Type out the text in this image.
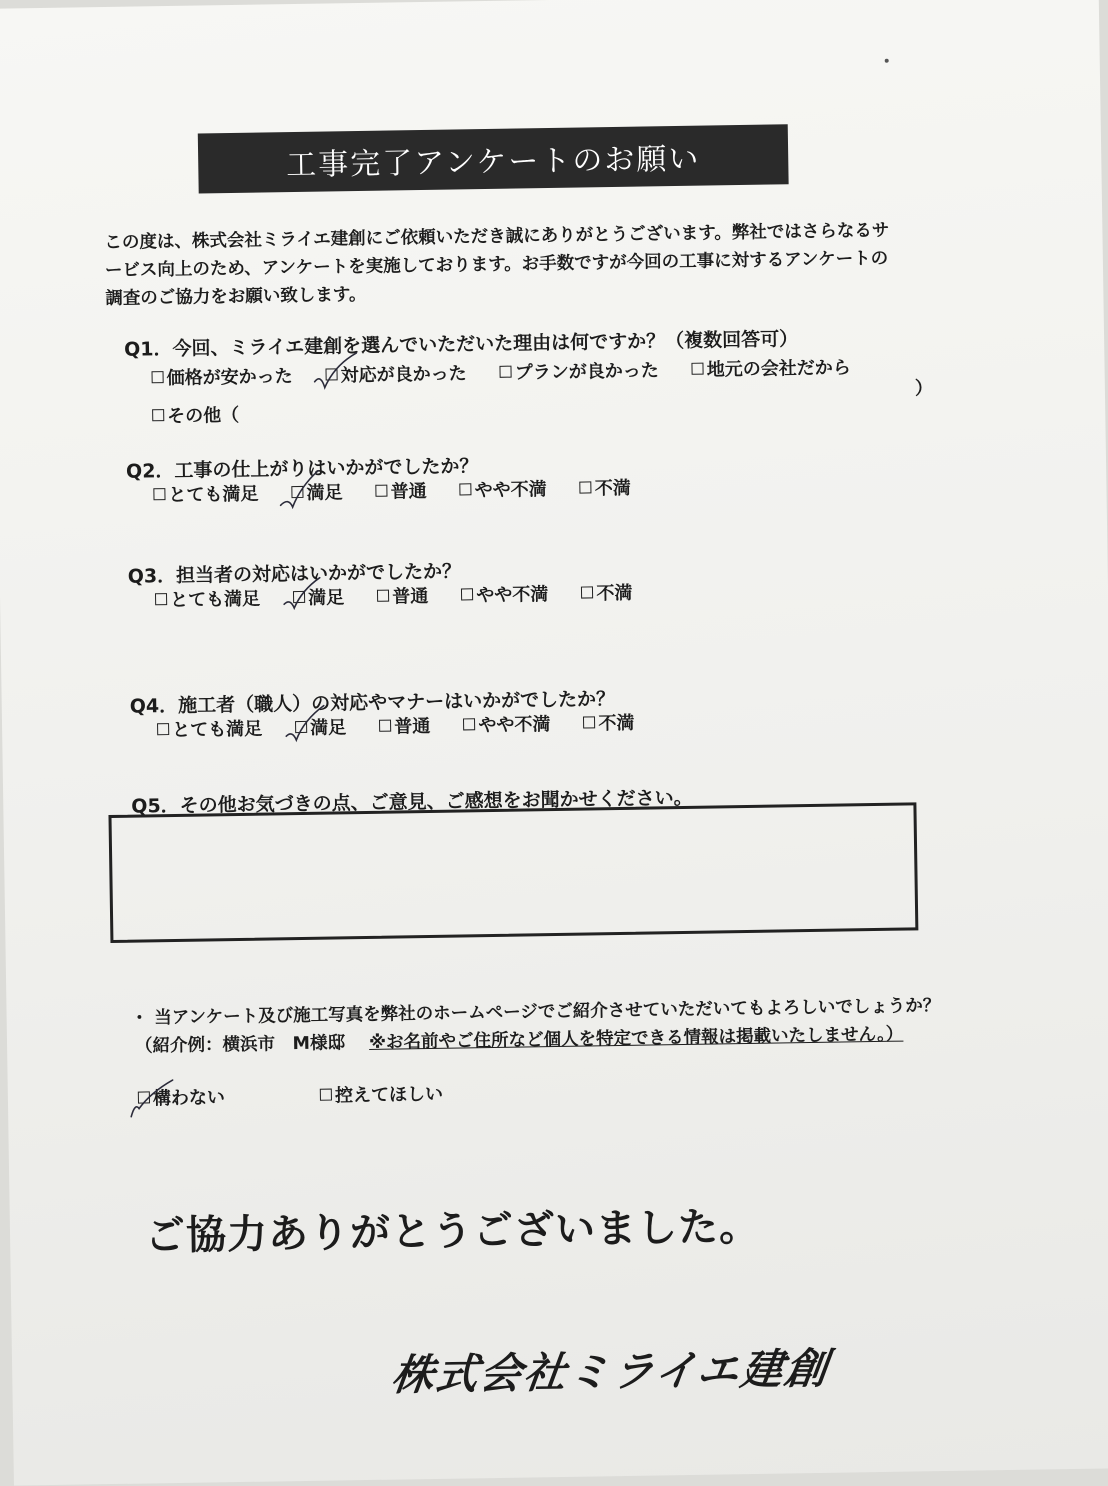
工事完了アンケートのお願い
この度は、株式会社ミライエ建創にご依頼いただき誠にありがとうございます。弊社ではさらなるサービス向上のため、アンケートを実施しております。お手数ですが今回の工事に対するアンケートの調査のご協力をお願い致します。
Q1．今回、ミライエ建創を選んでいただいた理由は何ですか？（複数回答可）
価格が安かった
	対応が良かった
	プランが良かった
	地元の会社だから
その他（
）
Q2．工事の仕上がりはいかがでしたか？
とても満足
	満足
	普通
	やや不満
	不満
Q3．担当者の対応はいかがでしたか？
とても満足
	満足
	普通
	やや不満
	不満
Q4．施工者（職人）の対応やマナーはいかがでしたか？
とても満足
	満足
	普通
	やや不満
	不満
Q5．その他お気づきの点、ご意見、ご感想をお聞かせください。
・ 当アンケート及び施工写真を弊社のホームページでご紹介させていただいてもよろしいでしょうか？
（紹介例：横浜市　M様邸 ※お名前やご住所など個人を特定できる情報は掲載いたしません。）
構わない
	控えてほしい
ご協力ありがとうございました。
株式会社ミライエ建創
